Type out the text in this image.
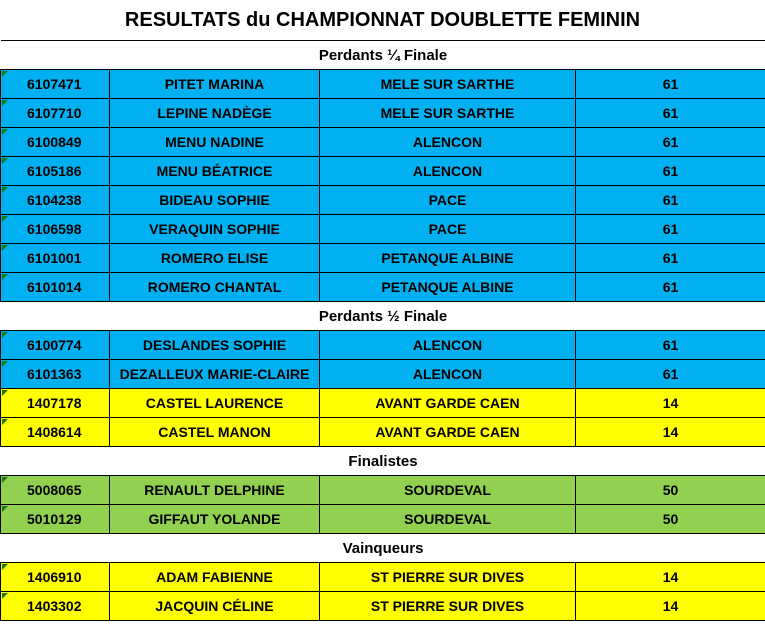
RESULTATS du CHAMPIONNAT DOUBLETTE FEMININ
Perdants ¼ Finale			
6107471	PITET MARINA	MELE SUR SARTHE	61
6107710	LEPINE NADÈGE	MELE SUR SARTHE	61
6100849	MENU NADINE	ALENCON	61
6105186	MENU BÉATRICE	ALENCON	61
6104238	BIDEAU SOPHIE	PACE	61
6106598	VERAQUIN SOPHIE	PACE	61
6101001	ROMERO ELISE	PETANQUE ALBINE	61
6101014	ROMERO CHANTAL	PETANQUE ALBINE	61
Perdants ½ Finale			
6100774	DESLANDES SOPHIE	ALENCON	61
6101363	DEZALLEUX MARIE-CLAIRE	ALENCON	61
1407178	CASTEL LAURENCE	AVANT GARDE CAEN	14
1408614	CASTEL MANON	AVANT GARDE CAEN	14
Finalistes			
5008065	RENAULT DELPHINE	SOURDEVAL	50
5010129	GIFFAUT YOLANDE	SOURDEVAL	50
Vainqueurs			
1406910	ADAM FABIENNE	ST PIERRE SUR DIVES	14
1403302	JACQUIN CÉLINE	ST PIERRE SUR DIVES	14
